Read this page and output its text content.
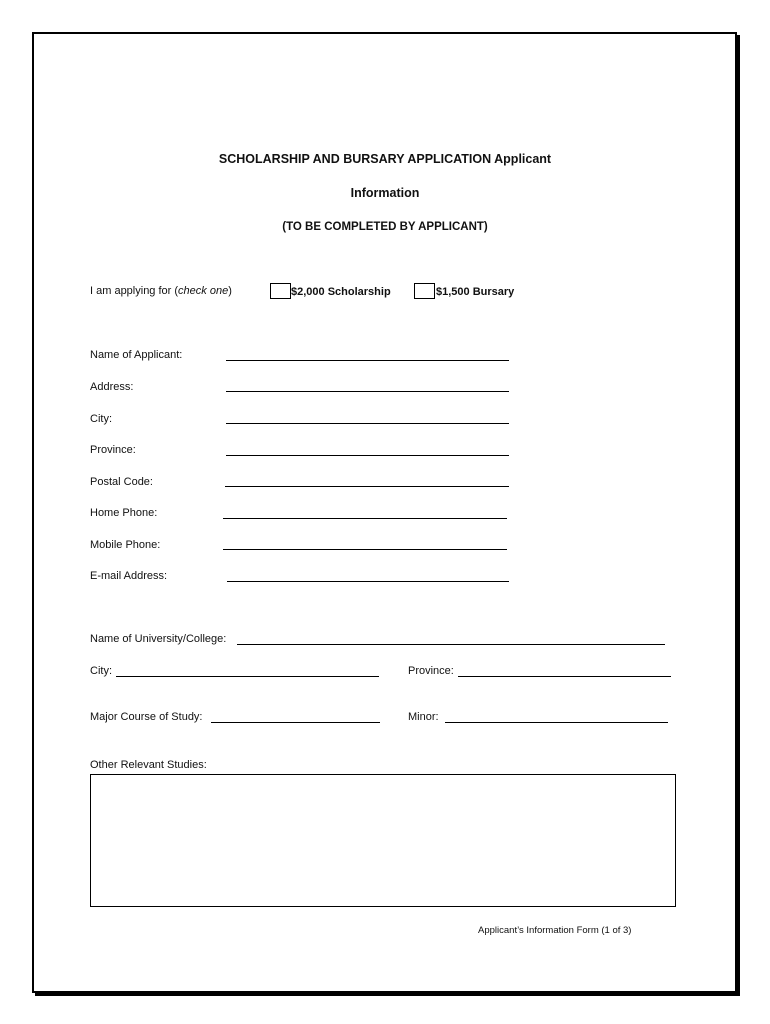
SCHOLARSHIP AND BURSARY APPLICATION Applicant
Information
(TO BE COMPLETED BY APPLICANT)
I am applying for (check one)	$2,000 Scholarship	$1,500 Bursary
Name of Applicant:
Address:
City:
Province:
Postal Code:
Home Phone:
Mobile Phone:
E-mail Address:
Name of University/College:
City:	Province:
Major Course of Study:	Minor:
Other Relevant Studies:
Applicant’s Information Form (1 of 3)
